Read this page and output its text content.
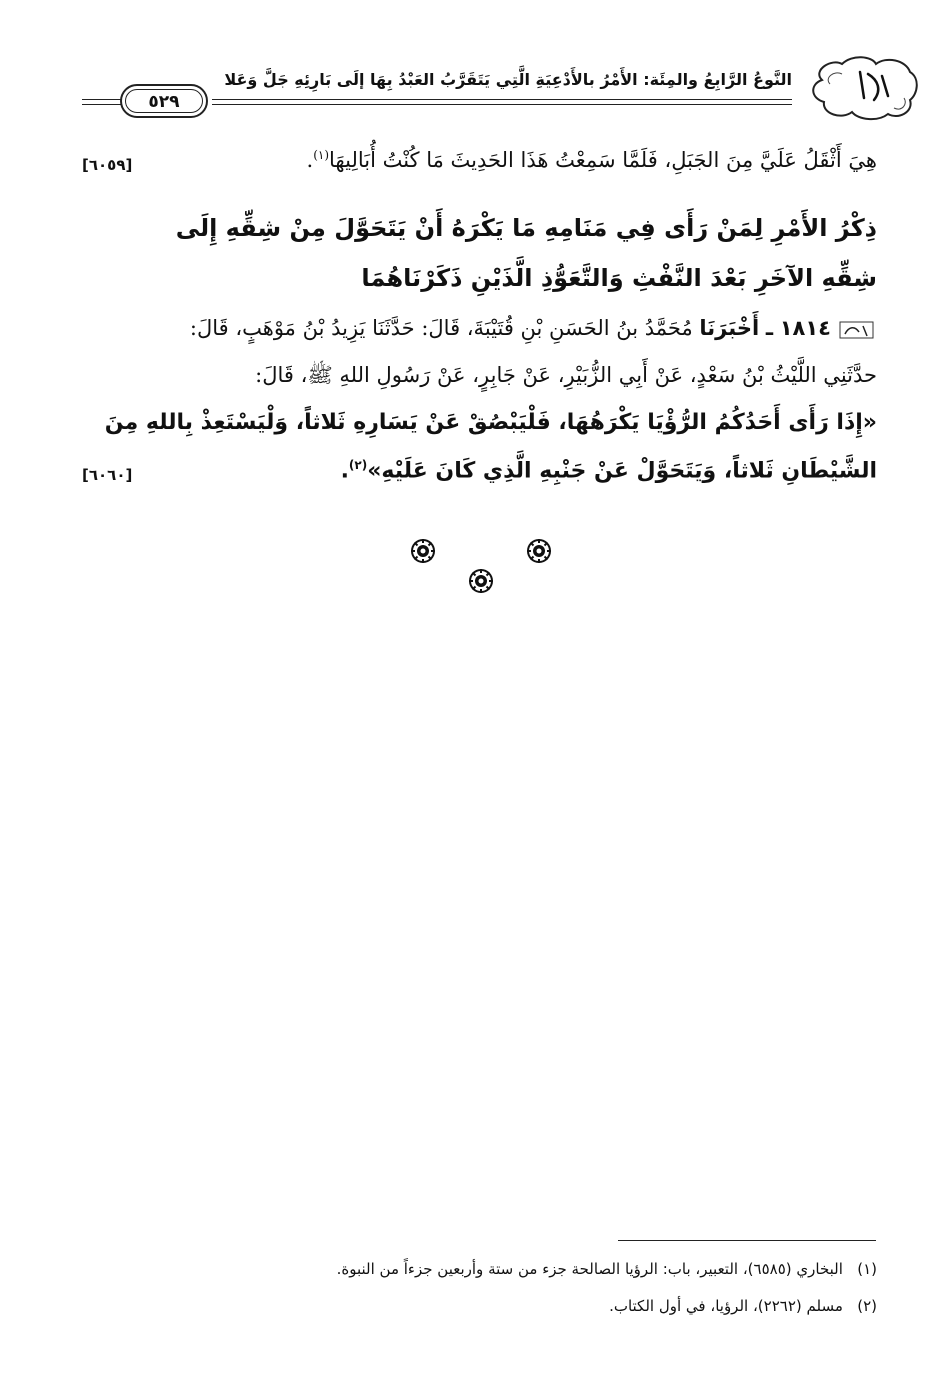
٥٢٩
النَّوعُ الرَّابِعُ والمِئَة: الأَمْرُ بالأَدْعِيَةِ الَّتِي يَتَقَرَّبُ العَبْدُ بِهَا إلَى بَارِئِهِ جَلَّ وَعَلا
هِيَ أَثْقَلُ عَلَيَّ مِنَ الجَبَلِ، فَلَمَّا سَمِعْتُ هَذَا الحَدِيثَ مَا كُنْتُ أُبَالِيهَا$^{(١)}$.
[٦٠٥٩]
ذِكْرُ الأَمْرِ لِمَنْ رَأَى فِي مَنَامِهِ مَا يَكْرَهُ أَنْ يَتَحَوَّلَ مِنْ شِقِّهِ إِلَى
شِقِّهِ الآخَرِ بَعْدَ النَّفْثِ وَالتَّعَوُّذِ الَّذَيْنِ ذَكَرْنَاهُمَا
١٨١٤ ـ أَخْبَرَنَا مُحَمَّدُ بنُ الحَسَنِ بْنِ قُتَيْبَةَ، قَالَ: حَدَّثَنَا يَزِيدُ بْنُ مَوْهَبٍ، قَالَ:
حدَّثَنِي اللَّيْثُ بْنُ سَعْدٍ، عَنْ أَبِي الزُّبَيْرِ، عَنْ جَابِرٍ، عَنْ رَسُولِ اللهِ ﷺ، قَالَ:
«إِذَا رَأَى أَحَدُكُمُ الرُّؤْيَا يَكْرَهُهَا، فَلْيَبْصُقْ عَنْ يَسَارِهِ ثَلاثاً، وَلْيَسْتَعِذْ بِاللهِ مِنَ
الشَّيْطَانِ ثَلاثاً، وَيَتَحَوَّلْ عَنْ جَنْبِهِ الَّذِي كَانَ عَلَيْهِ»$^{(٢)}$.
[٦٠٦٠]
(١)   البخاري (٦٥٨٥)، التعبير، باب: الرؤيا الصالحة جزء من ستة وأربعين جزءاً من النبوة.
(٢)   مسلم (٢٢٦٢)، الرؤيا، في أول الكتاب.
